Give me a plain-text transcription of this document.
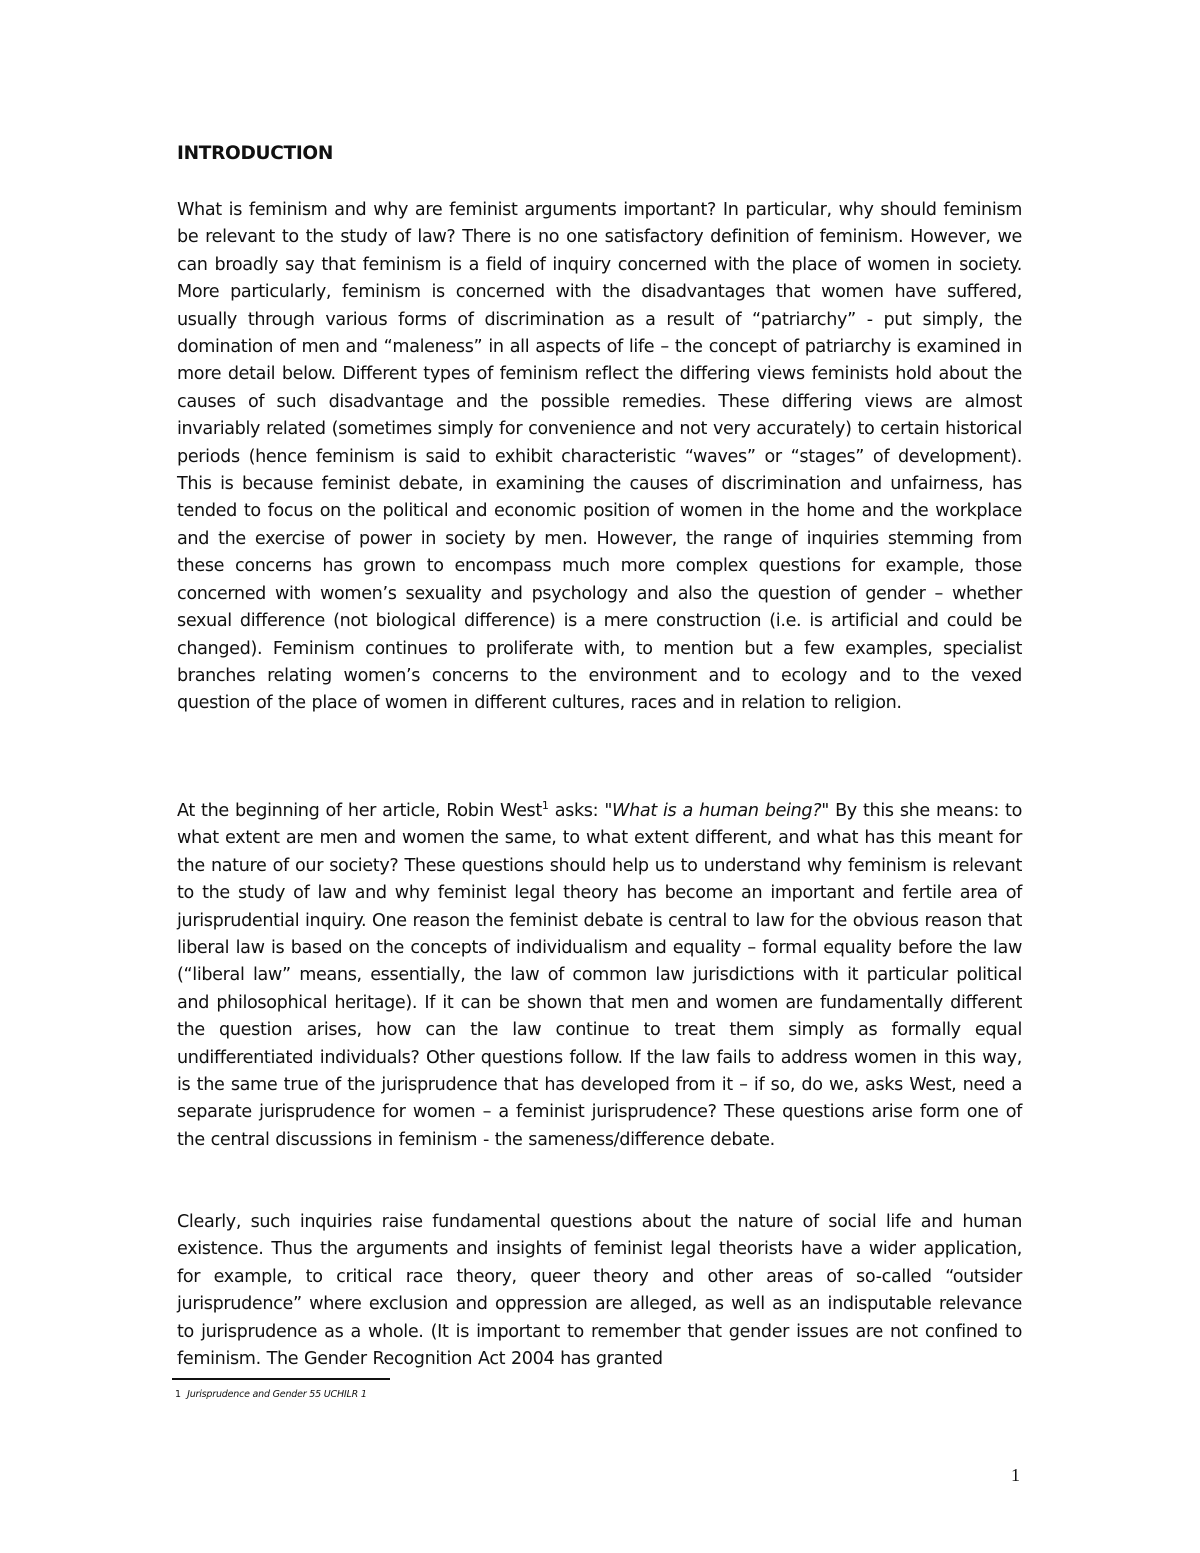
INTRODUCTION

What is feminism and why are feminist arguments important? In particular, why should feminism be relevant to the study of law? There is no one satisfactory definition of feminism. However, we can broadly say that feminism is a field of inquiry concerned with the place of women in society. More particularly, feminism is concerned with the disadvantages that women have suffered, usually through various forms of discrimination as a result of “patriarchy” - put simply, the domination of men and “maleness” in all aspects of life – the concept of patriarchy is examined in more detail below. Different types of feminism reflect the differing views feminists hold about the causes of such disadvantage and the possible remedies. These differing views are almost invariably related (sometimes simply for convenience and not very accurately) to certain historical periods (hence feminism is said to exhibit characteristic “waves” or “stages” of development). This is because feminist debate, in examining the causes of discrimination and unfairness, has tended to focus on the political and economic position of women in the home and the workplace and the exercise of power in society by men. However, the range of inquiries stemming from these concerns has grown to encompass much more complex questions for example, those concerned with women’s sexuality and psychology and also the question of gender – whether sexual difference (not biological difference) is a mere construction (i.e. is artificial and could be changed). Feminism continues to proliferate with, to mention but a few examples, specialist branches relating women’s concerns to the environment and to ecology and to the vexed question of the place of women in different cultures, races and in relation to religion.

At the beginning of her article, Robin West$^1$ asks: "What is a human being?" By this she means: to what extent are men and women the same, to what extent different, and what has this meant for the nature of our society? These questions should help us to understand why feminism is relevant to the study of law and why feminist legal theory has become an important and fertile area of jurisprudential inquiry. One reason the feminist debate is central to law for the obvious reason that liberal law is based on the concepts of individualism and equality – formal equality before the law (“liberal law” means, essentially, the law of common law jurisdictions with it particular political and philosophical heritage). If it can be shown that men and women are fundamentally different the question arises, how can the law continue to treat them simply as formally equal undifferentiated individuals? Other questions follow. If the law fails to address women in this way, is the same true of the jurisprudence that has developed from it – if so, do we, asks West, need a separate jurisprudence for women – a feminist jurisprudence? These questions arise form one of the central discussions in feminism - the sameness/difference debate.

Clearly, such inquiries raise fundamental questions about the nature of social life and human existence. Thus the arguments and insights of feminist legal theorists have a wider application, for example, to critical race theory, queer theory and other areas of so-called “outsider jurisprudence” where exclusion and oppression are alleged, as well as an indisputable relevance to jurisprudence as a whole. (It is important to remember that gender issues are not confined to feminism. The Gender Recognition Act 2004 has granted

1 Jurisprudence and Gender 55 UCHILR 1

1
